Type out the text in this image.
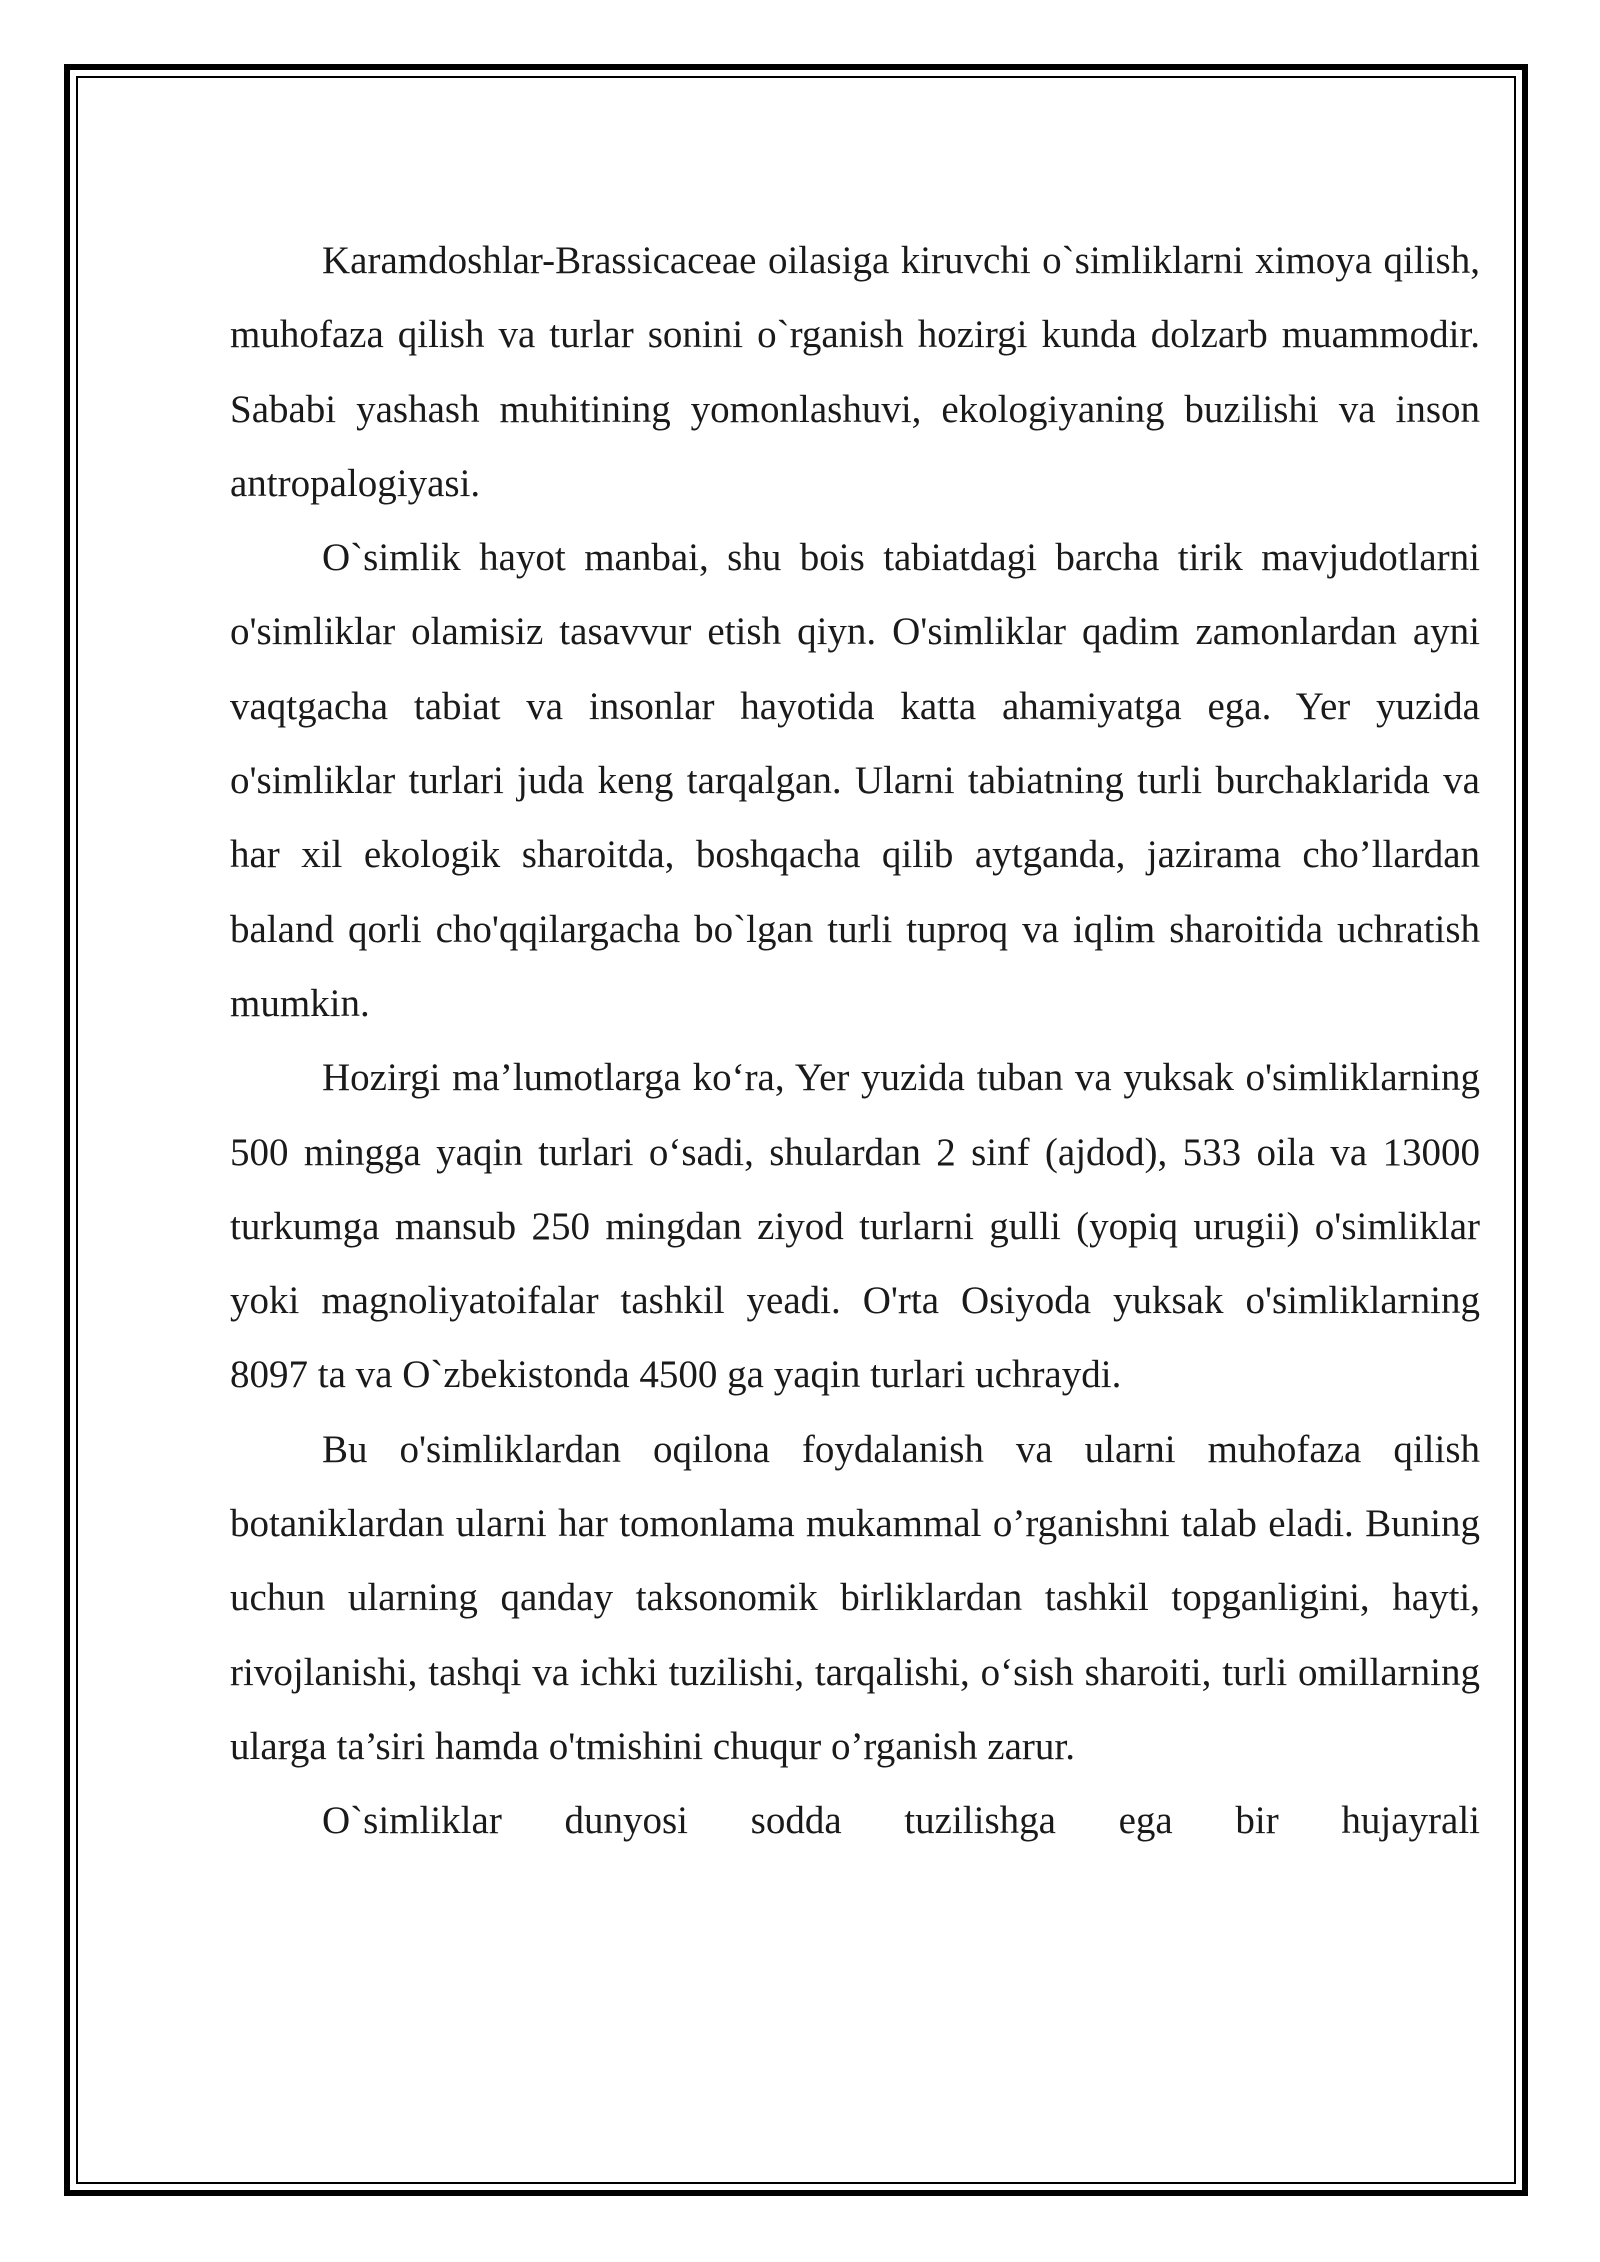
Karamdoshlar-Brassicaceae oilasiga kiruvchi o`simliklarni ximoya qilish, muhofaza qilish va turlar sonini o`rganish hozirgi kunda dolzarb muammodir. Sababi yashash muhitining yomonlashuvi, ekologiyaning buzilishi va inson antropalogiyasi.

O`simlik hayot manbai, shu bois tabiatdagi barcha tirik mavjudotlarni o'simliklar olamisiz tasavvur etish qiyn. O'simliklar qadim zamonlardan ayni vaqtgacha tabiat va insonlar hayotida katta ahamiyatga ega. Yer yuzida o'simliklar turlari juda keng tarqalgan. Ularni tabiatning turli burchaklarida va har xil ekologik sharoitda, boshqacha qilib aytganda, jazirama cho’llardan baland qorli cho'qqilargacha bo`lgan turli tuproq va iqlim sharoitida uchratish mumkin.

Hozirgi ma’lumotlarga ko‘ra, Yer yuzida tuban va yuksak o'simliklarning 500 mingga yaqin turlari o‘sadi, shulardan 2 sinf (ajdod), 533 oila va 13000 turkumga mansub 250 mingdan ziyod turlarni gulli (yopiq urugii) o'simliklar yoki magnoliyatoifalar tashkil yeadi. O'rta Osiyoda yuksak o'simliklarning 8097 ta va O`zbekistonda 4500 ga yaqin turlari uchraydi.

Bu o'simliklardan oqilona foydalanish va ularni muhofaza qilish botaniklardan ularni har tomonlama mukammal o’rganishni talab eladi. Buning uchun ularning qanday taksonomik birliklardan tashkil topganligini, hayti, rivojlanishi, tashqi va ichki tuzilishi, tarqalishi, o‘sish sharoiti, turli omillarning ularga ta’siri hamda o'tmishini chuqur o’rganish zarur.

O`simliklar dunyosi sodda tuzilishga ega bir hujayrali
